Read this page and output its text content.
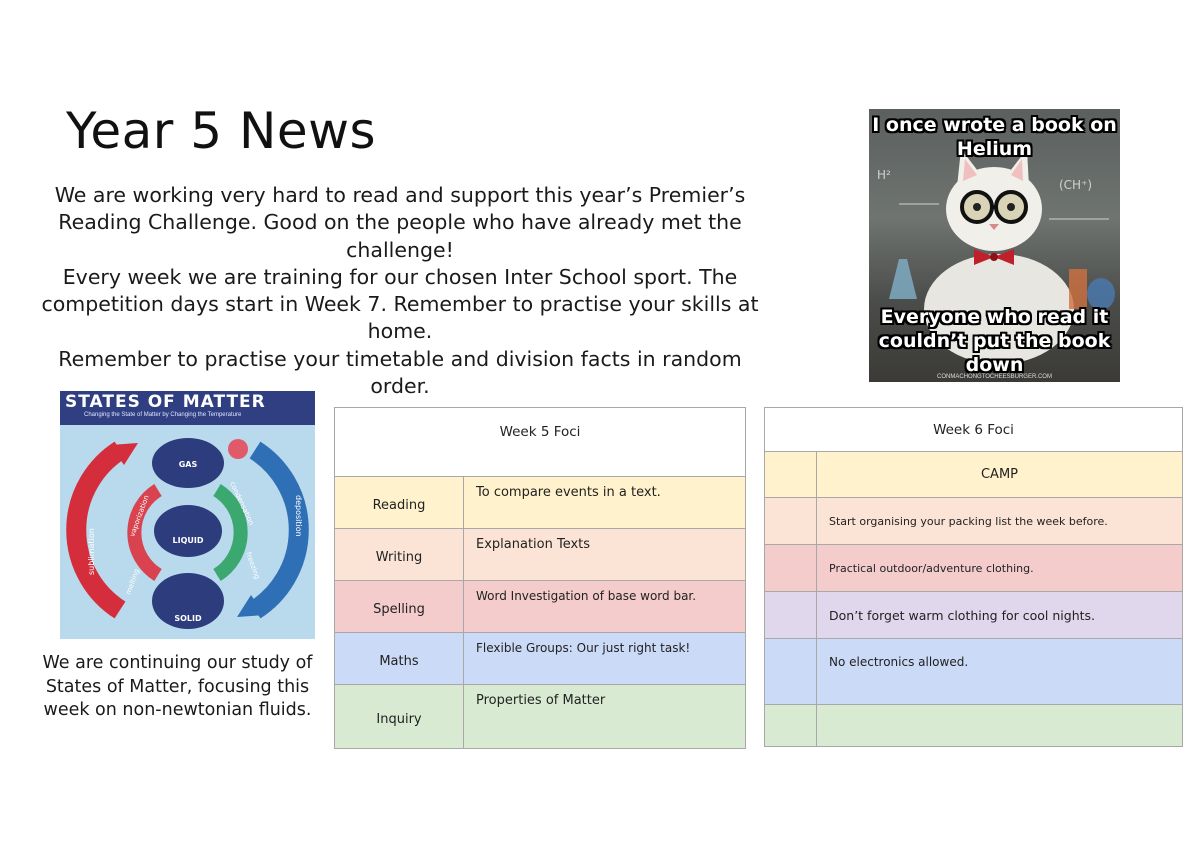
Year 5 News

We are working very hard to read and support this year’s Premier’s Reading Challenge. Good on the people who have already met the challenge!

Every week we are training for our chosen Inter School sport. The competition days start in Week 7. Remember to practise your skills at home.

Remember to practise your timetable and division facts in random order.

H²
(CH⁺)
I once wrote a book on Helium
Everyone who read it couldn’t put the book down
CONMACHONGTOCHEESBURGER.COM
STATES OF MATTER
Changing the State of Matter by Changing the Temperature
GAS
LIQUID
SOLID
sublimation
deposition
vaporization	condensation
melting
freezing
We are continuing our study of States of Matter, focusing this week on non-newtonian fluids.
Week 5 Foci	
Reading	To compare events in a text.
Writing	Explanation Texts
Spelling	Word Investigation of base word bar.
Maths	Flexible Groups: Our just right task!
Inquiry	Properties of Matter
Week 6 Foci	
	CAMP
	Start organising your packing list the week before.
	Practical outdoor/adventure clothing.
	Don’t forget warm clothing for cool nights.
	No electronics allowed.
